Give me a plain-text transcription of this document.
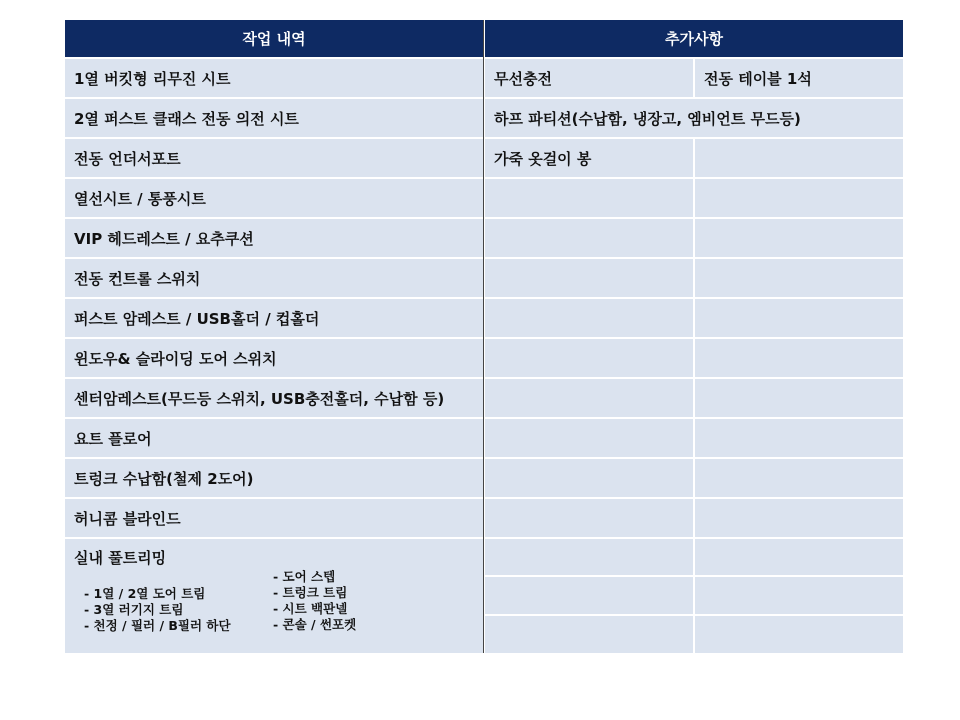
작업 내역	추가사항
1열 버킷형 리무진 시트
2열 퍼스트 클래스 전동 의전 시트
전동 언더서포트
열선시트 / 통풍시트
VIP 헤드레스트 / 요추쿠션
전동 컨트롤 스위치
퍼스트 암레스트 / USB홀더 / 컵홀더
윈도우& 슬라이딩 도어 스위치
센터암레스트(무드등 스위치, USB충전홀더, 수납함 등)
요트 플로어
트렁크 수납함(철제 2도어)
허니콤 블라인드
실내 풀트리밍
- 1열 / 2열 도어 트림
- 3열 러기지 트림
- 천정 / 필러 / B필러 하단
- 도어 스텝
- 트렁크 트림
- 시트 백판넬
- 콘솔 / 썬포켓
무선충전	전동 테이블 1석
하프 파티션(수납함, 냉장고, 엠비언트 무드등)
가죽 옷걸이 봉
